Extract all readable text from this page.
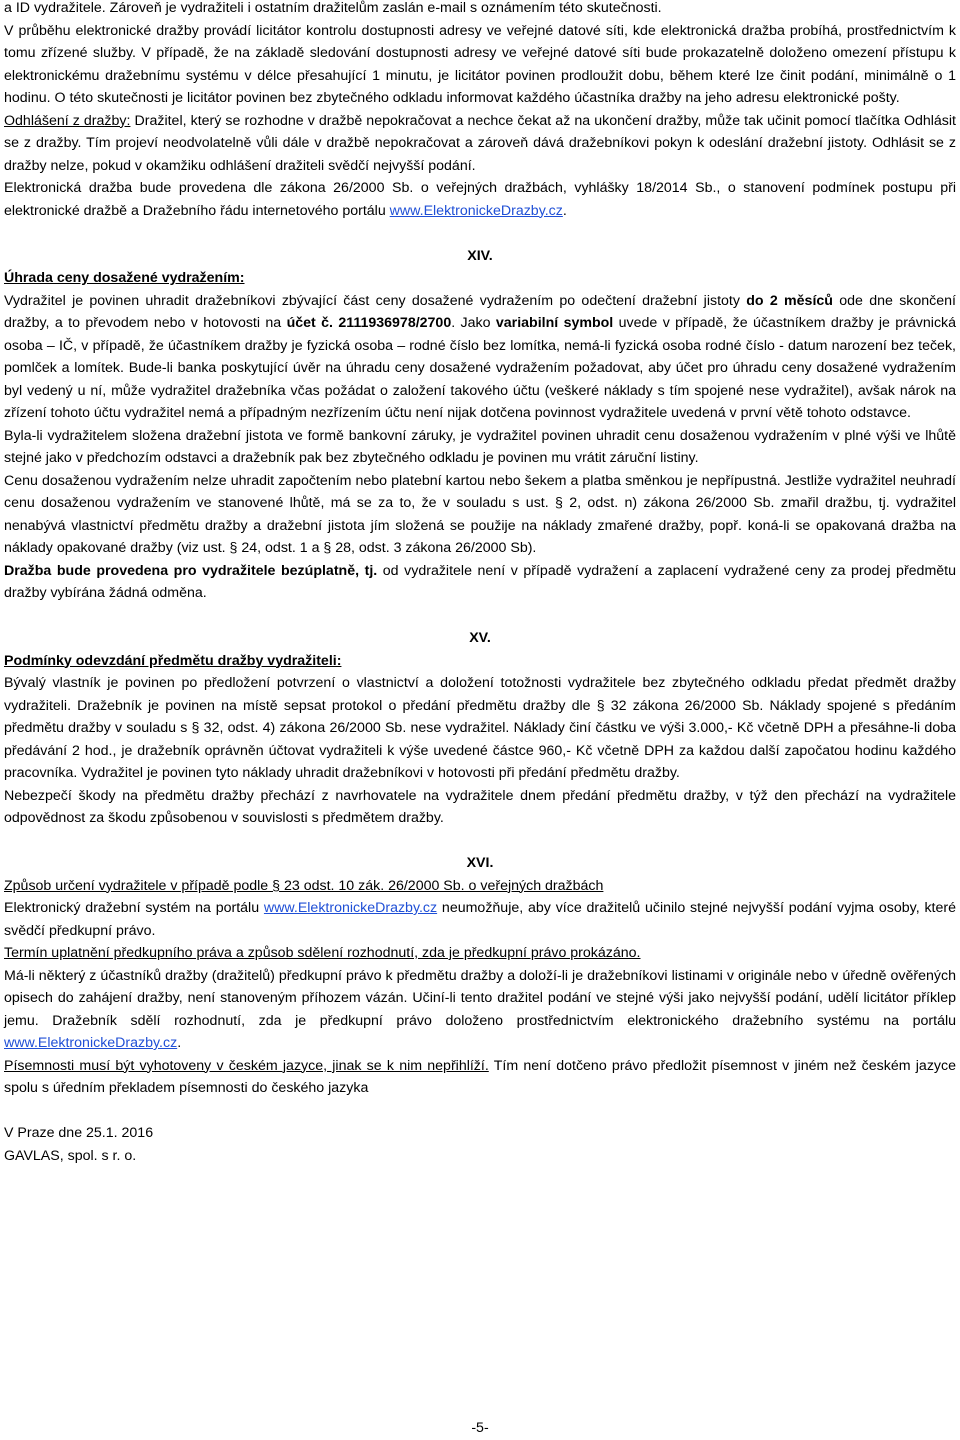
a ID vydražitele. Zároveň je vydražiteli i ostatním dražitelům zaslán e-mail s oznámením této skutečnosti.

V průběhu elektronické dražby provádí licitátor kontrolu dostupnosti adresy ve veřejné datové síti, kde elektronická dražba probíhá, prostřednictvím k tomu zřízené služby. V případě, že na základě sledování dostupnosti adresy ve veřejné datové síti bude prokazatelně doloženo omezení přístupu k elektronickému dražebnímu systému v délce přesahující 1 minutu, je licitátor povinen prodloužit dobu, během které lze činit podání, minimálně o 1 hodinu. O této skutečnosti je licitátor povinen bez zbytečného odkladu informovat každého účastníka dražby na jeho adresu elektronické pošty.

Odhlášení z dražby: Dražitel, který se rozhodne v dražbě nepokračovat a nechce čekat až na ukončení dražby, může tak učinit pomocí tlačítka Odhlásit se z dražby. Tím projeví neodvolatelně vůli dále v dražbě nepokračovat a zároveň dává dražebníkovi pokyn k odeslání dražební jistoty. Odhlásit se z dražby nelze, pokud v okamžiku odhlášení dražiteli svědčí nejvyšší podání.

Elektronická dražba bude provedena dle zákona 26/2000 Sb. o veřejných dražbách, vyhlášky 18/2014 Sb., o stanovení podmínek postupu při elektronické dražbě a Dražebního řádu internetového portálu www.ElektronickeDrazby.cz.

XIV.

Úhrada ceny dosažené vydražením:

Vydražitel je povinen uhradit dražebníkovi zbývající část ceny dosažené vydražením po odečtení dražební jistoty do 2 měsíců ode dne skončení dražby, a to převodem nebo v hotovosti na účet č. 2111936978/2700. Jako variabilní symbol uvede v případě, že účastníkem dražby je právnická osoba – IČ, v případě, že účastníkem dražby je fyzická osoba – rodné číslo bez lomítka, nemá-li fyzická osoba rodné číslo - datum narození bez teček, pomlček a lomítek. Bude-li banka poskytující úvěr na úhradu ceny dosažené vydražením požadovat, aby účet pro úhradu ceny dosažené vydražením byl vedený u ní, může vydražitel dražebníka včas požádat o založení takového účtu (veškeré náklady s tím spojené nese vydražitel), avšak nárok na zřízení tohoto účtu vydražitel nemá a případným nezřízením účtu není nijak dotčena povinnost vydražitele uvedená v první větě tohoto odstavce.

Byla-li vydražitelem složena dražební jistota ve formě bankovní záruky, je vydražitel povinen uhradit cenu dosaženou vydražením v plné výši ve lhůtě stejné jako v předchozím odstavci a dražebník pak bez zbytečného odkladu je povinen mu vrátit záruční listiny.

Cenu dosaženou vydražením nelze uhradit započtením nebo platební kartou nebo šekem a platba směnkou je nepřípustná. Jestliže vydražitel neuhradí cenu dosaženou vydražením ve stanovené lhůtě, má se za to, že v souladu s ust. § 2, odst. n) zákona 26/2000 Sb. zmařil dražbu, tj. vydražitel nenabývá vlastnictví předmětu dražby a dražební jistota jím složená se použije na náklady zmařené dražby, popř. koná-li se opakovaná dražba na náklady opakované dražby (viz ust. § 24, odst. 1 a § 28, odst. 3 zákona 26/2000 Sb).

Dražba bude provedena pro vydražitele bezúplatně, tj. od vydražitele není v případě vydražení a zaplacení vydražené ceny za prodej předmětu dražby vybírána žádná odměna.

XV.

Podmínky odevzdání předmětu dražby vydražiteli:

Bývalý vlastník je povinen po předložení potvrzení o vlastnictví a doložení totožnosti vydražitele bez zbytečného odkladu předat předmět dražby vydražiteli. Dražebník je povinen na místě sepsat protokol o předání předmětu dražby dle § 32 zákona 26/2000 Sb. Náklady spojené s předáním předmětu dražby v souladu s § 32, odst. 4) zákona 26/2000 Sb. nese vydražitel. Náklady činí částku ve výši 3.000,- Kč včetně DPH a přesáhne-li doba předávání 2 hod., je dražebník oprávněn účtovat vydražiteli k výše uvedené částce 960,- Kč včetně DPH za každou další započatou hodinu každého pracovníka. Vydražitel je povinen tyto náklady uhradit dražebníkovi v hotovosti při předání předmětu dražby.

Nebezpečí škody na předmětu dražby přechází z navrhovatele na vydražitele dnem předání předmětu dražby, v týž den přechází na vydražitele odpovědnost za škodu způsobenou v souvislosti s předmětem dražby.

XVI.

Způsob určení vydražitele v případě podle § 23 odst. 10 zák. 26/2000 Sb. o veřejných dražbách

Elektronický dražební systém na portálu www.ElektronickeDrazby.cz neumožňuje, aby více dražitelů učinilo stejné nejvyšší podání vyjma osoby, které svědčí předkupní právo.

Termín uplatnění předkupního práva a způsob sdělení rozhodnutí, zda je předkupní právo prokázáno.

Má-li některý z účastníků dražby (dražitelů) předkupní právo k předmětu dražby a doloží-li je dražebníkovi listinami v originále nebo v úředně ověřených opisech do zahájení dražby, není stanoveným příhozem vázán. Učiní-li tento dražitel podání ve stejné výši jako nejvyšší podání, udělí licitátor příklep jemu. Dražebník sdělí rozhodnutí, zda je předkupní právo doloženo prostřednictvím elektronického dražebního systému na portálu www.ElektronickeDrazby.cz.

Písemnosti musí být vyhotoveny v českém jazyce, jinak se k nim nepřihlíží. Tím není dotčeno právo předložit písemnost v jiném než českém jazyce spolu s úředním překladem písemnosti do českého jazyka

V Praze dne 25.1. 2016

GAVLAS, spol. s r. o.

-5-
